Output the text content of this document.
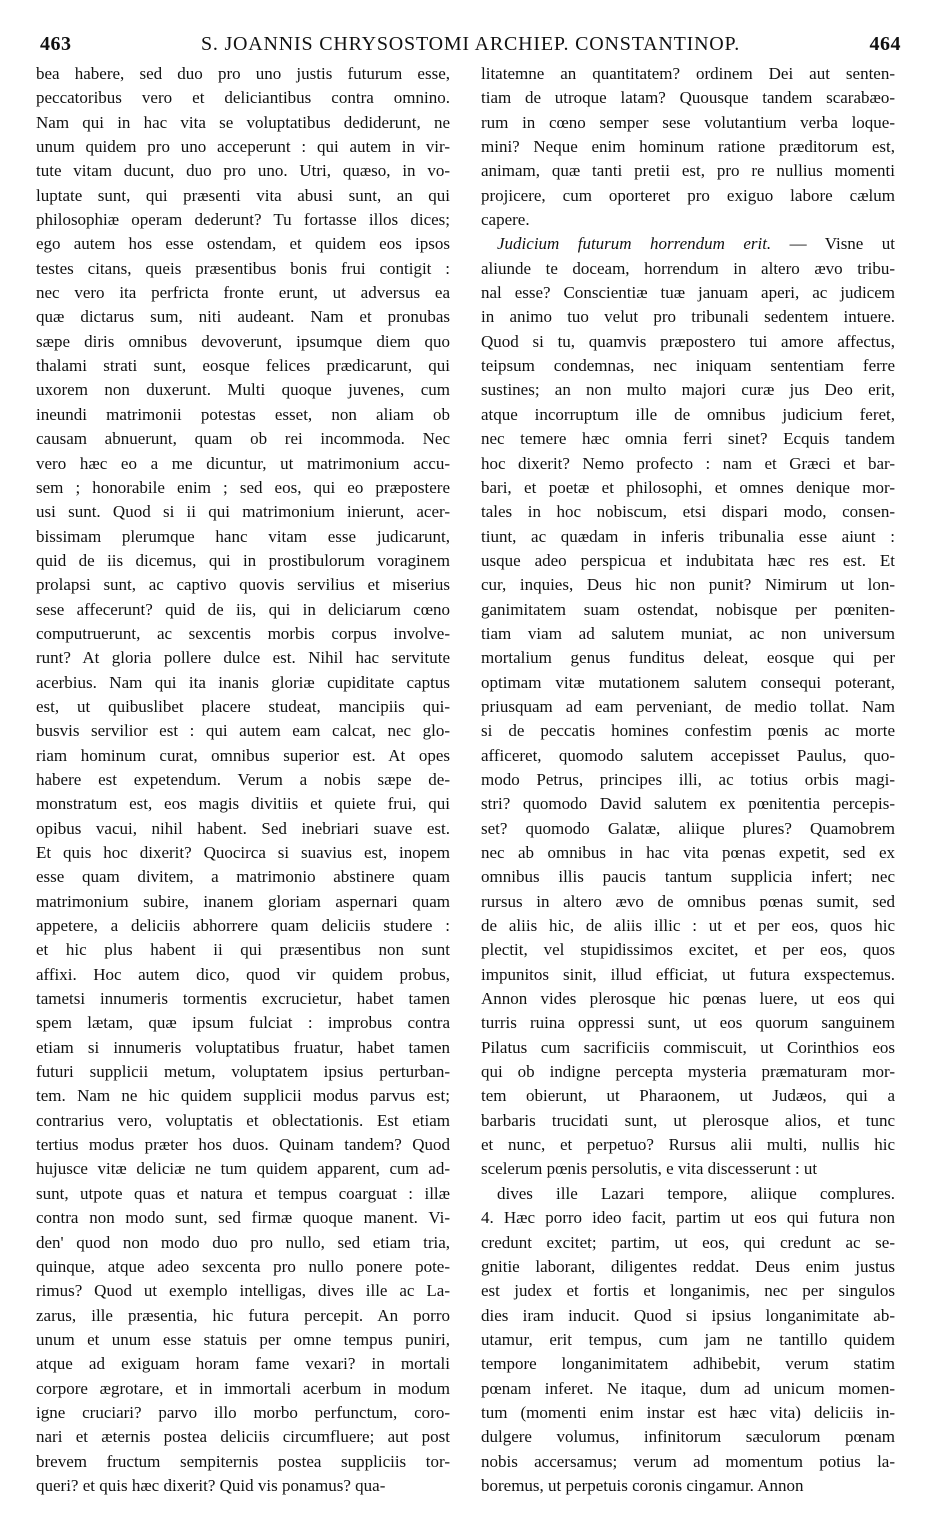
463	S. JOANNIS CHRYSOSTOMI ARCHIEP. CONSTANTINOP.	464
bea habere, sed duo pro uno justis futurum esse,
peccatoribus vero et deliciantibus contra omnino.
Nam qui in hac vita se voluptatibus dediderunt, ne
unum quidem pro uno acceperunt : qui autem in vir-
tute vitam ducunt, duo pro uno. Utri, quæso, in vo-
luptate sunt, qui præsenti vita abusi sunt, an qui
philosophiæ operam dederunt? Tu fortasse illos dices;
ego autem hos esse ostendam, et quidem eos ipsos
testes citans, queis præsentibus bonis frui contigit :
nec vero ita perfricta fronte erunt, ut adversus ea
quæ dictarus sum, niti audeant. Nam et pronubas
sæpe diris omnibus devoverunt, ipsumque diem quo
thalami strati sunt, eosque felices prædicarunt, qui
uxorem non duxerunt. Multi quoque juvenes, cum
ineundi matrimonii potestas esset, non aliam ob
causam abnuerunt, quam ob rei incommoda. Nec
vero hæc eo a me dicuntur, ut matrimonium accu-
sem ; honorabile enim ; sed eos, qui eo præpostere
usi sunt. Quod si ii qui matrimonium inierunt, acer-
bissimam plerumque hanc vitam esse judicarunt,
quid de iis dicemus, qui in prostibulorum voraginem
prolapsi sunt, ac captivo quovis servilius et miserius
sese affecerunt? quid de iis, qui in deliciarum cœno
computruerunt, ac sexcentis morbis corpus involve-
runt? At gloria pollere dulce est. Nihil hac servitute
acerbius. Nam qui ita inanis gloriæ cupiditate captus
est, ut quibuslibet placere studeat, mancipiis qui-
busvis servilior est : qui autem eam calcat, nec glo-
riam hominum curat, omnibus superior est. At opes
habere est expetendum. Verum a nobis sæpe de-
monstratum est, eos magis divitiis et quiete frui, qui
opibus vacui, nihil habent. Sed inebriari suave est.
Et quis hoc dixerit? Quocirca si suavius est, inopem
esse quam divitem, a matrimonio abstinere quam
matrimonium subire, inanem gloriam aspernari quam
appetere, a deliciis abhorrere quam deliciis studere :
et hic plus habent ii qui præsentibus non sunt
affixi. Hoc autem dico, quod vir quidem probus,
tametsi innumeris tormentis excrucietur, habet tamen
spem lætam, quæ ipsum fulciat : improbus contra
etiam si innumeris voluptatibus fruatur, habet tamen
futuri supplicii metum, voluptatem ipsius perturban-
tem. Nam ne hic quidem supplicii modus parvus est;
contrarius vero, voluptatis et oblectationis. Est etiam
tertius modus præter hos duos. Quinam tandem? Quod
hujusce vitæ deliciæ ne tum quidem apparent, cum ad-
sunt, utpote quas et natura et tempus coarguat : illæ
contra non modo sunt, sed firmæ quoque manent. Vi-
den' quod non modo duo pro nullo, sed etiam tria,
quinque, atque adeo sexcenta pro nullo ponere pote-
rimus? Quod ut exemplo intelligas, dives ille ac La-
zarus, ille præsentia, hic futura percepit. An porro
unum et unum esse statuis per omne tempus puniri,
atque ad exiguam horam fame vexari? in mortali
corpore ægrotare, et in immortali acerbum in modum
igne cruciari? parvo illo morbo perfunctum, coro-
nari et æternis postea deliciis circumfluere; aut post
brevem fructum sempiternis postea suppliciis tor-
queri? et quis hæc dixerit? Quid vis ponamus? qua-
litatemne an quantitatem? ordinem Dei aut senten-
tiam de utroque latam? Quousque tandem scarabæo-
rum in cœno semper sese volutantium verba loque-
mini? Neque enim hominum ratione præditorum est,
animam, quæ tanti pretii est, pro re nullius momenti
projicere, cum oporteret pro exiguo labore cælum
capere.
Judicium futurum horrendum erit. — Visne ut
aliunde te doceam, horrendum in altero ævo tribu-
nal esse? Conscientiæ tuæ januam aperi, ac judicem
in animo tuo velut pro tribunali sedentem intuere.
Quod si tu, quamvis præpostero tui amore affectus,
teipsum condemnas, nec iniquam sententiam ferre
sustines; an non multo majori curæ jus Deo erit,
atque incorruptum ille de omnibus judicium feret,
nec temere hæc omnia ferri sinet? Ecquis tandem
hoc dixerit? Nemo profecto : nam et Græci et bar-
bari, et poetæ et philosophi, et omnes denique mor-
tales in hoc nobiscum, etsi dispari modo, consen-
tiunt, ac quædam in inferis tribunalia esse aiunt :
usque adeo perspicua et indubitata hæc res est. Et
cur, inquies, Deus hic non punit? Nimirum ut lon-
ganimitatem suam ostendat, nobisque per pœniten-
tiam viam ad salutem muniat, ac non universum
mortalium genus funditus deleat, eosque qui per
optimam vitæ mutationem salutem consequi poterant,
priusquam ad eam perveniant, de medio tollat. Nam
si de peccatis homines confestim pœnis ac morte
afficeret, quomodo salutem accepisset Paulus, quo-
modo Petrus, principes illi, ac totius orbis magi-
stri? quomodo David salutem ex pœnitentia percepis-
set? quomodo Galatæ, aliique plures? Quamobrem
nec ab omnibus in hac vita pœnas expetit, sed ex
omnibus illis paucis tantum supplicia infert; nec
rursus in altero ævo de omnibus pœnas sumit, sed
de aliis hic, de aliis illic : ut et per eos, quos hic
plectit, vel stupidissimos excitet, et per eos, quos
impunitos sinit, illud efficiat, ut futura exspectemus.
Annon vides plerosque hic pœnas luere, ut eos qui
turris ruina oppressi sunt, ut eos quorum sanguinem
Pilatus cum sacrificiis commiscuit, ut Corinthios eos
qui ob indigne percepta mysteria præmaturam mor-
tem obierunt, ut Pharaonem, ut Judæos, qui a
barbaris trucidati sunt, ut plerosque alios, et tunc
et nunc, et perpetuo? Rursus alii multi, nullis hic
scelerum pœnis persolutis, e vita discesserunt : ut
dives ille Lazari tempore, aliique complures.
4. Hæc porro ideo facit, partim ut eos qui futura non
credunt excitet; partim, ut eos, qui credunt ac se-
gnitie laborant, diligentes reddat. Deus enim justus
est judex et fortis et longanimis, nec per singulos
dies iram inducit. Quod si ipsius longanimitate ab-
utamur, erit tempus, cum jam ne tantillo quidem
tempore longanimitatem adhibebit, verum statim
pœnam inferet. Ne itaque, dum ad unicum momen-
tum (momenti enim instar est hæc vita) deliciis in-
dulgere volumus, infinitorum sæculorum pœnam
nobis accersamus; verum ad momentum potius la-
boremus, ut perpetuis coronis cingamur. Annon
